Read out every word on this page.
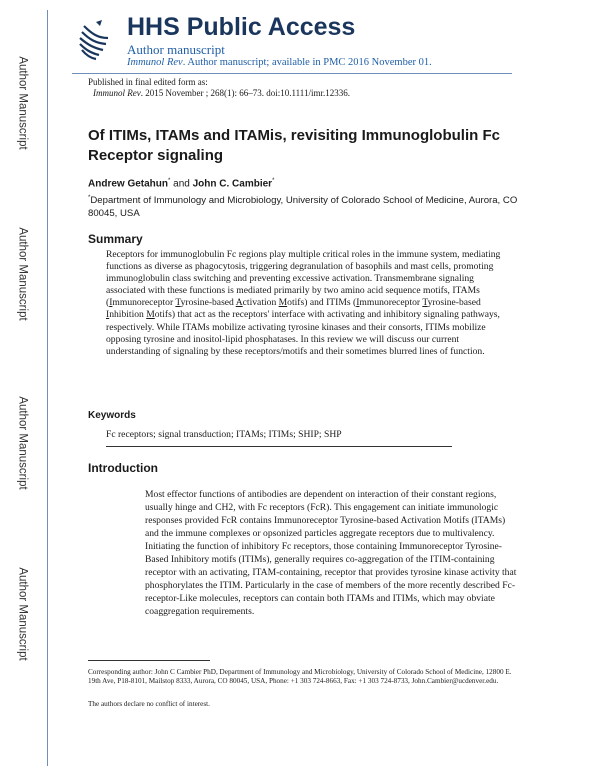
Author Manuscript
Author Manuscript
Author Manuscript
Author Manuscript
HHS Public Access
Author manuscript
Immunol Rev. Author manuscript; available in PMC 2016 November 01.
Published in final edited form as:
Immunol Rev. 2015 November ; 268(1): 66–73. doi:10.1111/imr.12336.
Of ITIMs, ITAMs and ITAMis, revisiting Immunoglobulin Fc Receptor signaling
Andrew Getahun* and John C. Cambier*
*Department of Immunology and Microbiology, University of Colorado School of Medicine, Aurora, CO 80045, USA
Summary
Receptors for immunoglobulin Fc regions play multiple critical roles in the immune system, mediating functions as diverse as phagocytosis, triggering degranulation of basophils and mast cells, promoting immunoglobulin class switching and preventing excessive activation. Transmembrane signaling associated with these functions is mediated primarily by two amino acid sequence motifs, ITAMs (Immunoreceptor Tyrosine-based Activation Motifs) and ITIMs (Immunoreceptor Tyrosine-based Inhibition Motifs) that act as the receptors' interface with activating and inhibitory signaling pathways, respectively. While ITAMs mobilize activating tyrosine kinases and their consorts, ITIMs mobilize opposing tyrosine and inositol-lipid phosphatases. In this review we will discuss our current understanding of signaling by these receptors/motifs and their sometimes blurred lines of function.
Keywords
Fc receptors; signal transduction; ITAMs; ITIMs; SHIP; SHP
Introduction
Most effector functions of antibodies are dependent on interaction of their constant regions, usually hinge and CH2, with Fc receptors (FcR). This engagement can initiate immunologic responses provided FcR contains Immunoreceptor Tyrosine-based Activation Motifs (ITAMs) and the immune complexes or opsonized particles aggregate receptors due to multivalency. Initiating the function of inhibitory Fc receptors, those containing Immunoreceptor Tyrosine-Based Inhibitory motifs (ITIMs), generally requires co-aggregation of the ITIM-containing receptor with an activating, ITAM-containing, receptor that provides tyrosine kinase activity that phosphorylates the ITIM. Particularly in the case of members of the more recently described Fc-receptor-Like molecules, receptors can contain both ITAMs and ITIMs, which may obviate coaggregation requirements.
Corresponding author: John C Cambier PhD, Department of Immunology and Microbiology, University of Colorado School of Medicine, 12800 E. 19th Ave, P18-8101, Mailstop 8333, Aurora, CO 80045, USA, Phone: +1 303 724-8663, Fax: +1 303 724-8733, John.Cambier@ucdenver.edu.
The authors declare no conflict of interest.
